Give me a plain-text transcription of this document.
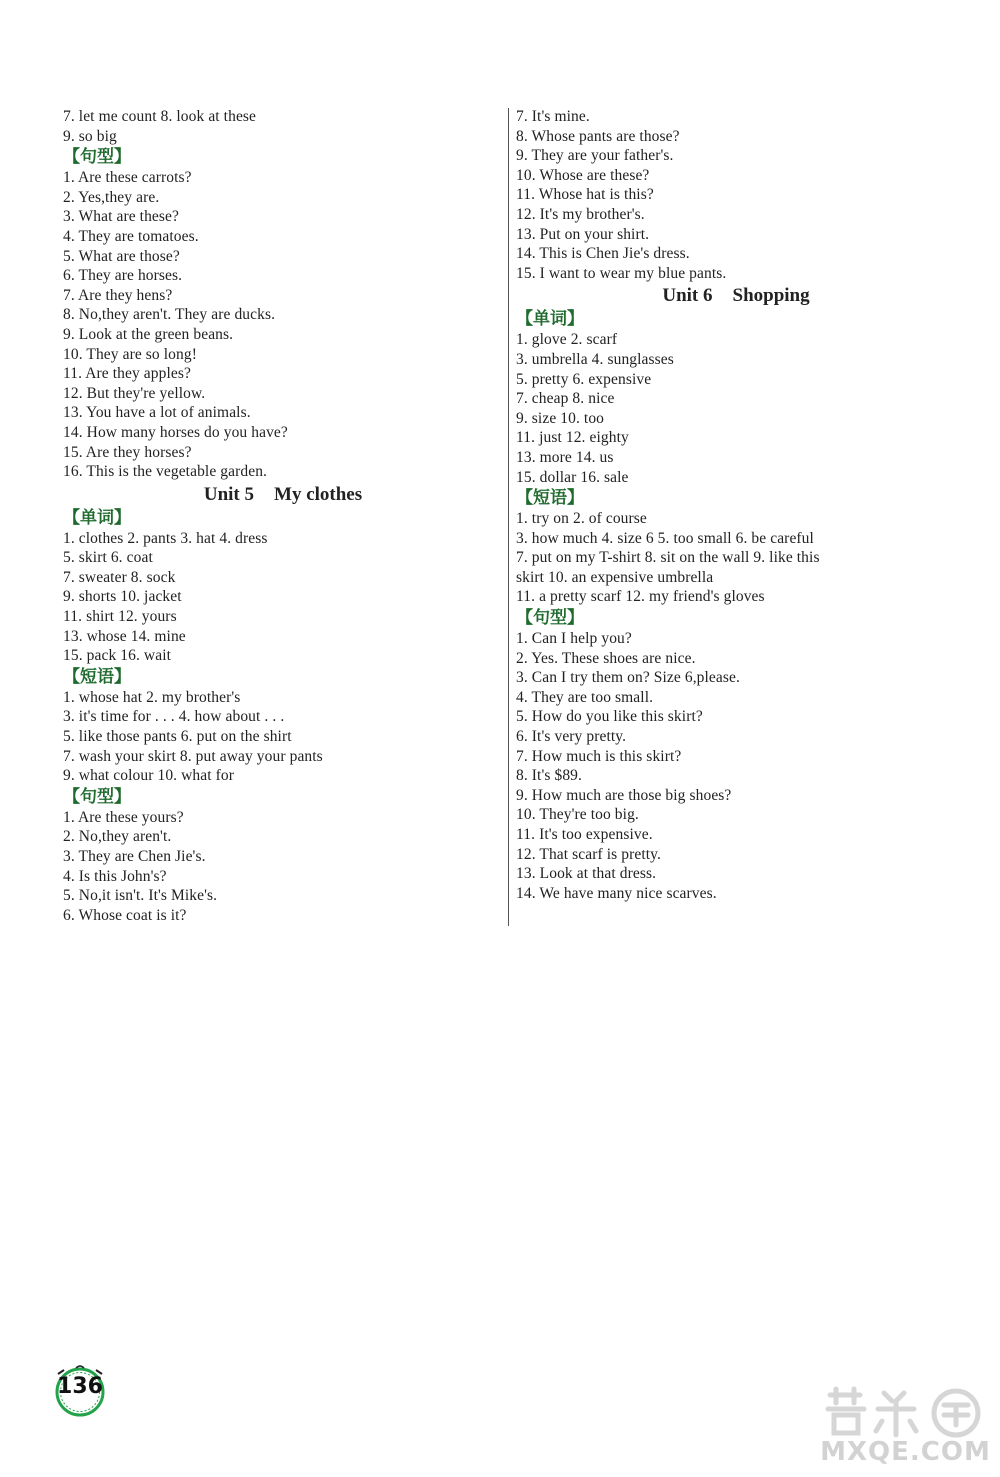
7. let me count 8. look at these
9. so big
【句型】
1. Are these carrots?
2. Yes,they are.
3. What are these?
4. They are tomatoes.
5. What are those?
6. They are horses.
7. Are they hens?
8. No,they aren't. They are ducks.
9. Look at the green beans.
10. They are so long!
11. Are they apples?
12. But they're yellow.
13. You have a lot of animals.
14. How many horses do you have?
15. Are they horses?
16. This is the vegetable garden.
Unit 5 My clothes
【单词】
1. clothes 2. pants 3. hat 4. dress
5. skirt 6. coat
7. sweater 8. sock
9. shorts 10. jacket
11. shirt 12. yours
13. whose 14. mine
15. pack 16. wait
【短语】
1. whose hat 2. my brother's
3. it's time for . . . 4. how about . . .
5. like those pants 6. put on the shirt
7. wash your skirt 8. put away your pants
9. what colour 10. what for
【句型】
1. Are these yours?
2. No,they aren't.
3. They are Chen Jie's.
4. Is this John's?
5. No,it isn't. It's Mike's.
6. Whose coat is it?
7. It's mine.
8. Whose pants are those?
9. They are your father's.
10. Whose are these?
11. Whose hat is this?
12. It's my brother's.
13. Put on your shirt.
14. This is Chen Jie's dress.
15. I want to wear my blue pants.
Unit 6 Shopping
【单词】
1. glove 2. scarf
3. umbrella 4. sunglasses
5. pretty 6. expensive
7. cheap 8. nice
9. size 10. too
11. just 12. eighty
13. more 14. us
15. dollar 16. sale
【短语】
1. try on 2. of course
3. how much 4. size 6 5. too small 6. be careful
7. put on my T-shirt 8. sit on the wall 9. like this
skirt 10. an expensive umbrella
11. a pretty scarf 12. my friend's gloves
【句型】
1. Can I help you?
2. Yes. These shoes are nice.
3. Can I try them on? Size 6,please.
4. They are too small.
5. How do you like this skirt?
6. It's very pretty.
7. How much is this skirt?
8. It's $89.
9. How much are those big shoes?
10. They're too big.
11. It's too expensive.
12. That scarf is pretty.
13. Look at that dress.
14. We have many nice scarves.
136
MXQE.COM
